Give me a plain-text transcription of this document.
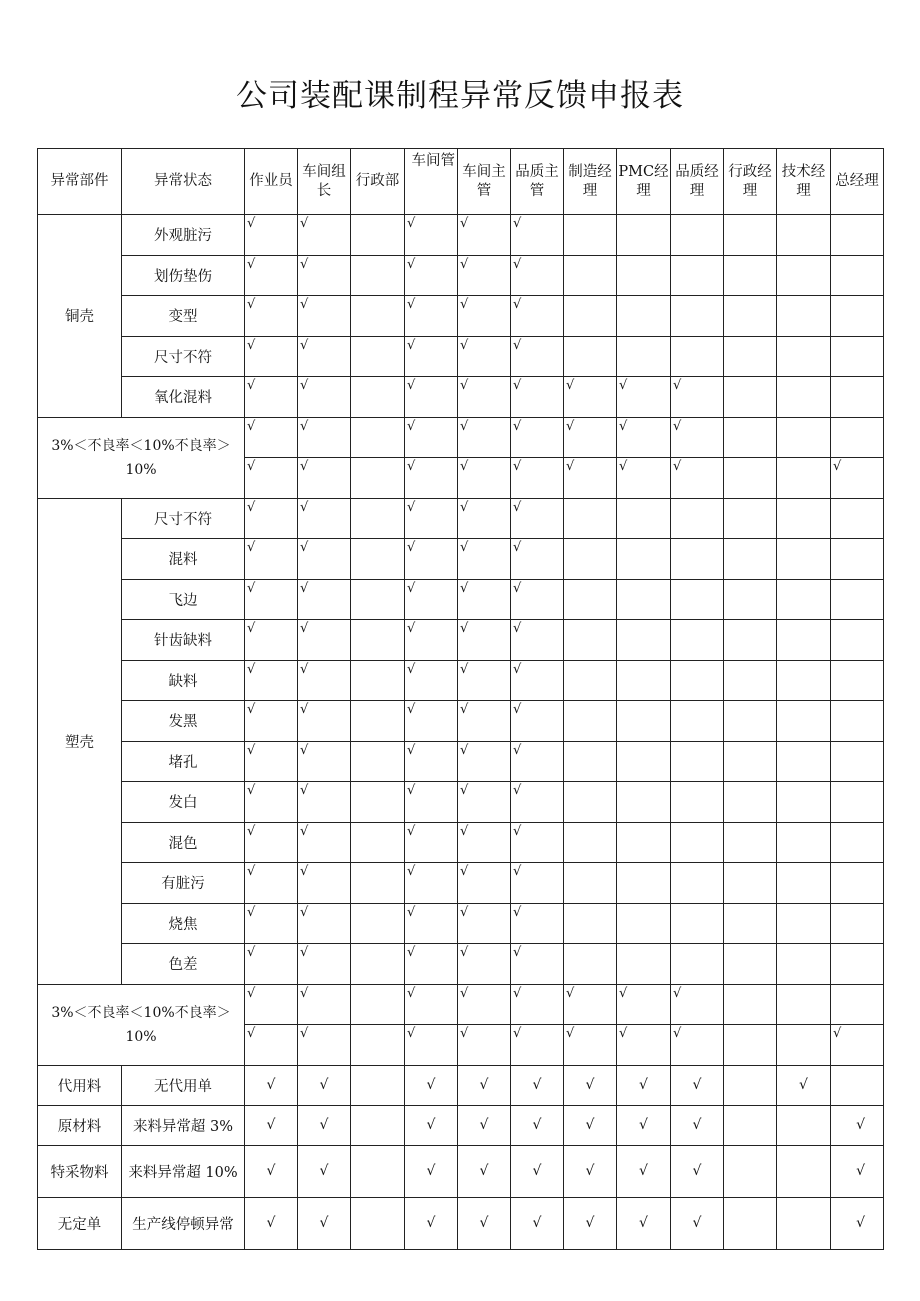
公司装配课制程异常反馈申报表
异常部件	异常状态	作业员	车间组长	行政部	车间管	车间主管	品质主管	制造经理	PMC经理	品质经理	行政经理	技术经理	总经理
铜壳	外观脏污	√	√		√	√	√						
	划伤垫伤	√	√		√	√	√						
	变型	√	√		√	√	√						
	尺寸不符	√	√		√	√	√						
	氧化混料	√	√		√	√	√	√	√	√			
3%＜不良率＜10%不良率＞10%		√	√		√	√	√	√	√	√			
		√	√		√	√	√	√	√	√			√
塑壳	尺寸不符	√	√		√	√	√						
	混料	√	√		√	√	√						
	飞边	√	√		√	√	√						
	针齿缺料	√	√		√	√	√						
	缺料	√	√		√	√	√						
	发黑	√	√		√	√	√						
	堵孔	√	√		√	√	√						
	发白	√	√		√	√	√						
	混色	√	√		√	√	√						
	有脏污	√	√		√	√	√						
	烧焦	√	√		√	√	√						
	色差	√	√		√	√	√						
3%＜不良率＜10%不良率＞10%		√	√		√	√	√	√	√	√			
		√	√		√	√	√	√	√	√			√
代用料	无代用单	√	√		√	√	√	√	√	√		√	
原材料	来料异常超 3%	√	√		√	√	√	√	√	√			√
特采物料	来料异常超 10%	√	√		√	√	√	√	√	√			√
无定单	生产线停顿异常	√	√		√	√	√	√	√	√			√
